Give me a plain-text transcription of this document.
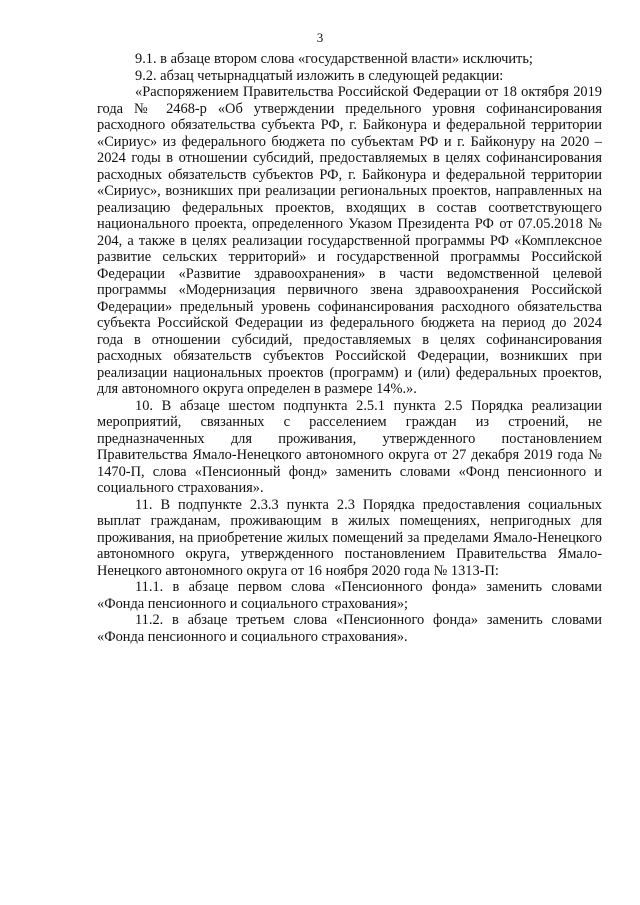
3

9.1. в абзаце втором слова «государственной власти» исключить;

9.2. абзац четырнадцатый изложить в следующей редакции:

«Распоряжением Правительства Российской Федерации от 18 октября 2019 года № 2468-р «Об утверждении предельного уровня софинансирования расходного обязательства субъекта РФ, г. Байконура и федеральной территории «Сириус» из федерального бюджета по субъектам РФ и г. Байконуру на 2020 – 2024 годы в отношении субсидий, предоставляемых в целях софинансирования расходных обязательств субъектов РФ, г. Байконура и федеральной территории «Сириус», возникших при реализации региональных проектов, направленных на реализацию федеральных проектов, входящих в состав соответствующего национального проекта, определенного Указом Президента РФ от 07.05.2018 № 204, а также в целях реализации государственной программы РФ «Комплексное развитие сельских территорий» и государственной программы Российской Федерации «Развитие здравоохранения» в части ведомственной целевой программы «Модернизация первичного звена здравоохранения Российской Федерации» предельный уровень софинансирования расходного обязательства субъекта Российской Федерации из федерального бюджета на период до 2024 года в отношении субсидий, предоставляемых в целях софинансирования расходных обязательств субъектов Российской Федерации, возникших при реализации национальных проектов (программ) и (или) федеральных проектов, для автономного округа определен в размере 14%.».

10. В абзаце шестом подпункта 2.5.1 пункта 2.5 Порядка реализации мероприятий, связанных с расселением граждан из строений, не предназначенных для проживания, утвержденного постановлением Правительства Ямало-Ненецкого автономного округа от 27 декабря 2019 года № 1470-П, слова «Пенсионный фонд» заменить словами «Фонд пенсионного и социального страхования».

11. В подпункте 2.3.3 пункта 2.3 Порядка предоставления социальных выплат гражданам, проживающим в жилых помещениях, непригодных для проживания, на приобретение жилых помещений за пределами Ямало-Ненецкого автономного округа, утвержденного постановлением Правительства Ямало-Ненецкого автономного округа от 16 ноября 2020 года № 1313-П:

11.1. в абзаце первом слова «Пенсионного фонда» заменить словами «Фонда пенсионного и социального страхования»;

11.2. в абзаце третьем слова «Пенсионного фонда» заменить словами «Фонда пенсионного и социального страхования».
